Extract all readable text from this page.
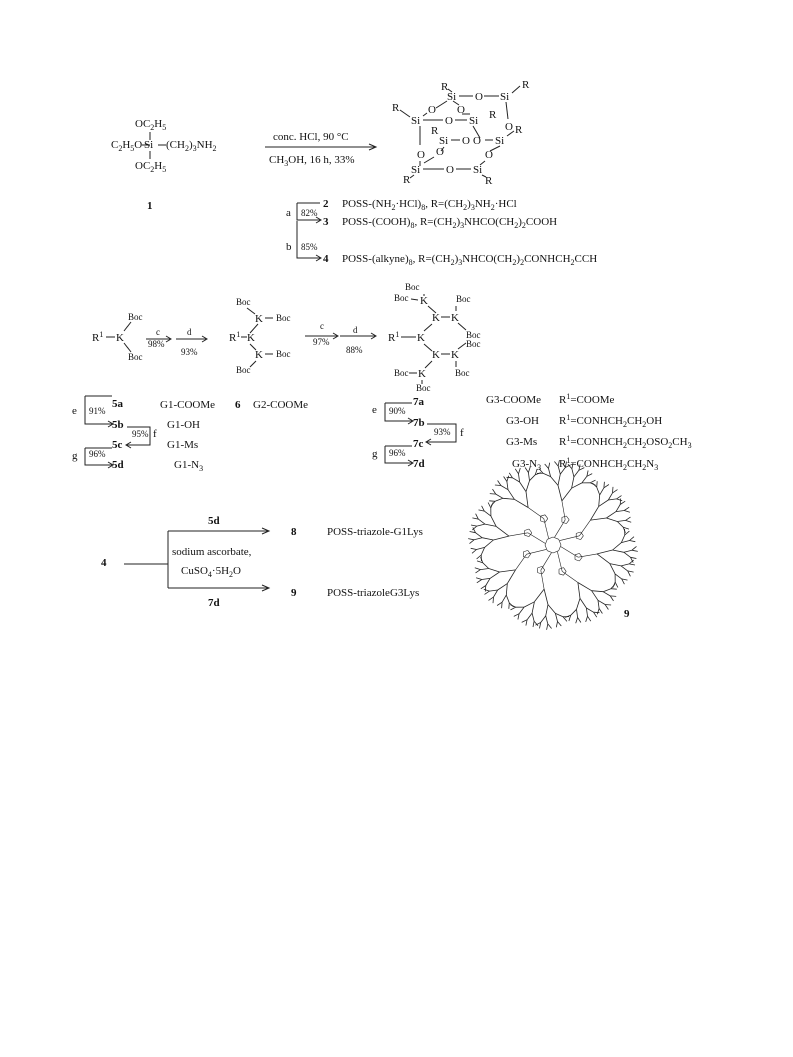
$OC_2H_5$
$C_2H_5O$ Si $(CH_2)_3NH_2$
$OC_2H_5$
1
conc. HCl, 90 °C
$CH_3OH$, 16 h, 33%
R
Si O Si
R
O O
O
R
Si O Si R
R
Si O O Si
R
O O	O
Si O Si
R	R
82%
a
85%
b
2 POSS-$(NH_2\cdot HCl)_8$, $R=(CH_2)_3NH_2\cdot HCl$
3 POSS-$(COOH)_8$, $R=(CH_2)_3NHCO(CH_2)_2COOH$
4 POSS-$(alkyne)_8$, $R=(CH_2)_3NHCO(CH_2)_2CONHCH_2CCH$
$R^1$ K
Boc
Boc
c	d
98%
93%
Boc
K Boc
$R^1$ K
K Boc
Boc
c	d
97%
88%
Boc
Boc K	Boc
K K
Boc
$R^1$ K
K K
Boc
Boc
K
Boc
Boc
e 91%
95% f
g 96%
5a	G1-COOMe
5b	G1-OH
5c	G1-Ms
5d	$G1-N_3$
6 G2-COOMe	e 90%
93% f
g 96%
7a	G3-COOMe $R^1=COOMe$
7b	G3-OH $R^1=CONHCH_2CH_2OH$
7c	G3-Ms $R^1=CONHCH_2CH_2OSO_2CH_3$
7d	$G3-N_3$ $R^1=CONHCH_2CH_2N_3$
4
5d
sodium ascorbate,
$CuSO_4\cdot 5H_2O$
7d
8	POSS-triazole-G1Lys
9	POSS-triazoleG3Lys
9
